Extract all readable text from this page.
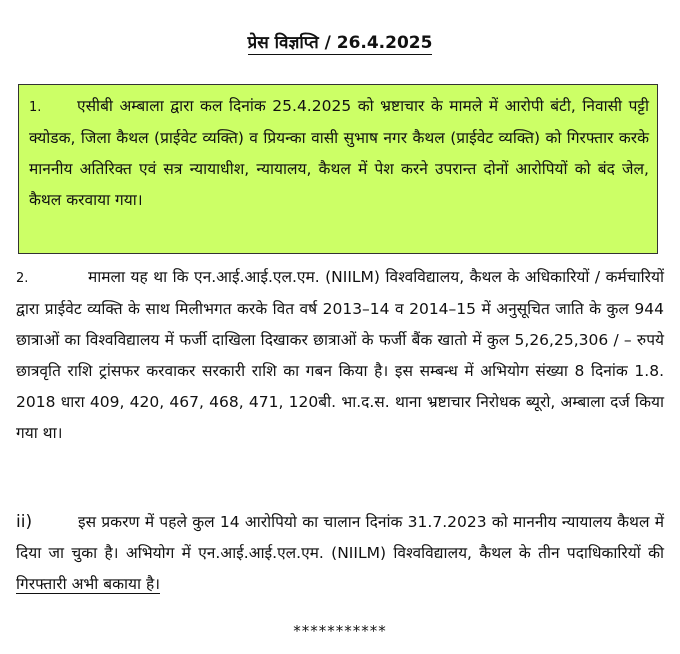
प्रेस विज्ञप्ति / 26.4.2025
1. एसीबी अम्बाला द्वारा कल दिनांक 25.4.2025 को भ्रष्टाचार के मामले में आरोपी बंटी, निवासी पट्टी क्योडक, जिला कैथल (प्राईवेट व्यक्ति) व प्रियन्का वासी सुभाष नगर कैथल (प्राईवेट व्यक्ति) को गिरफ्तार करके माननीय अतिरिक्त एवं सत्र न्यायाधीश, न्यायालय, कैथल में पेश करने उपरान्त दोनों आरोपियों को बंद जेल, कैथल करवाया गया।
2.	मामला यह था कि एन.आई.आई.एल.एम. (NIILM) विश्वविद्यालय, कैथल के अधिकारियों / कर्मचारियों द्वारा प्राईवेट व्यक्ति के साथ मिलीभगत करके वित वर्ष 2013–14 व 2014–15 में अनुसूचित जाति के कुल 944 छात्राओं का विश्वविद्यालय में फर्जी दाखिला दिखाकर छात्राओं के फर्जी बैंक खातो में कुल 5,26,25,306 / – रुपये छात्रवृति राशि ट्रांसफर करवाकर सरकारी राशि का गबन किया है। इस सम्बन्ध में अभियोग संख्या 8 दिनांक 1.8. 2018 धारा 409, 420, 467, 468, 471, 120बी. भा.द.स. थाना भ्रष्टाचार निरोधक ब्यूरो, अम्बाला दर्ज किया गया था।
ii)	इस प्रकरण में पहले कुल 14 आरोपियो का चालान दिनांक 31.7.2023 को माननीय न्यायालय कैथल में दिया जा चुका है। अभियोग में एन.आई.आई.एल.एम. (NIILM) विश्वविद्यालय, कैथल के तीन पदाधिकारियों की गिरफ्तारी अभी बकाया है।
***********
